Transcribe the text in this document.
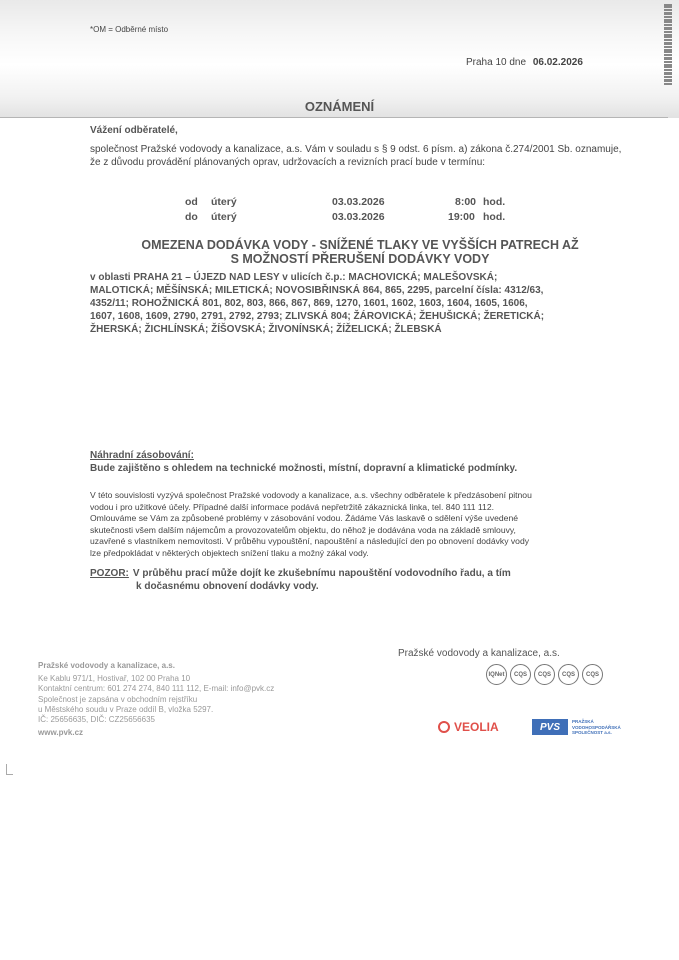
*OM = Odběrné místo
Praha 10 dne 06.02.2026
OZNÁMENÍ
Vážení odběratelé,
společnost Pražské vodovody a kanalizace, a.s. Vám v souladu s § 9 odst. 6 písm. a) zákona č.274/2001 Sb. oznamuje, že z důvodu provádění plánovaných oprav, udržovacích a revizních prací bude v termínu:
od úterý	03.03.2026	8:00 hod.
do úterý	03.03.2026	19:00 hod.
OMEZENA DODÁVKA VODY - SNÍŽENÉ TLAKY VE VYŠŠÍCH PATRECH AŽ
S MOŽNOSTÍ PŘERUŠENÍ DODÁVKY VODY
v oblasti PRAHA 21 – ÚJEZD NAD LESY v ulicích č.p.: MACHOVICKÁ; MALEŠOVSKÁ;
MALOTICKÁ; MĚŠÍNSKÁ; MILETICKÁ; NOVOSIBŘINSKÁ 864, 865, 2295, parcelní čísla: 4312/63,
4352/11; ROHOŽNICKÁ 801, 802, 803, 866, 867, 869, 1270, 1601, 1602, 1603, 1604, 1605, 1606,
1607, 1608, 1609, 2790, 2791, 2792, 2793; ZLIVSKÁ 804; ŽÁROVICKÁ; ŽEHUŠICKÁ; ŽERETICKÁ;
ŽHERSKÁ; ŽICHLÍNSKÁ; ŽÍŠOVSKÁ; ŽIVONÍNSKÁ; ŽÍŽELICKÁ; ŽLEBSKÁ
Náhradní zásobování:
Bude zajištěno s ohledem na technické možnosti, místní, dopravní a klimatické podmínky.
V této souvislosti vyzývá společnost Pražské vodovody a kanalizace, a.s. všechny odběratele k předzásobení pitnou
vodou i pro užitkové účely. Případné další informace podává nepřetržitě zákaznická linka, tel. 840 111 112.
Omlouváme se Vám za způsobené problémy v zásobování vodou. Žádáme Vás laskavě o sdělení výše uvedené
skutečnosti všem dalším nájemcům a provozovatelům objektu, do něhož je dodávána voda na základě smlouvy,
uzavřené s vlastníkem nemovitosti. V průběhu vypouštění, napouštění a následující den po obnovení dodávky vody
lze předpokládat v některých objektech snížení tlaku a možný zákal vody.
POZOR: V průběhu prací může dojít ke zkušebnímu napouštění vodovodního řadu, a tím
k dočasnému obnovení dodávky vody.
Pražské vodovody a kanalizace, a.s.
Ke Kablu 971/1, Hostivař, 102 00 Praha 10
Kontaktní centrum: 601 274 274, 840 111 112, E-mail: info@pvk.cz
Společnost je zapsána v obchodním rejstříku
u Městského soudu v Praze oddíl B, vložka 5297.
IČ: 25656635, DIČ: CZ25656635
www.pvk.cz
Pražské vodovody a kanalizace, a.s.
IQNet	CQS	CQS	CQS	CQS
VEOLIA	PVS
PRAŽSKÁ
VODOHOSPODÁŘSKÁ
SPOLEČNOST a.s.
